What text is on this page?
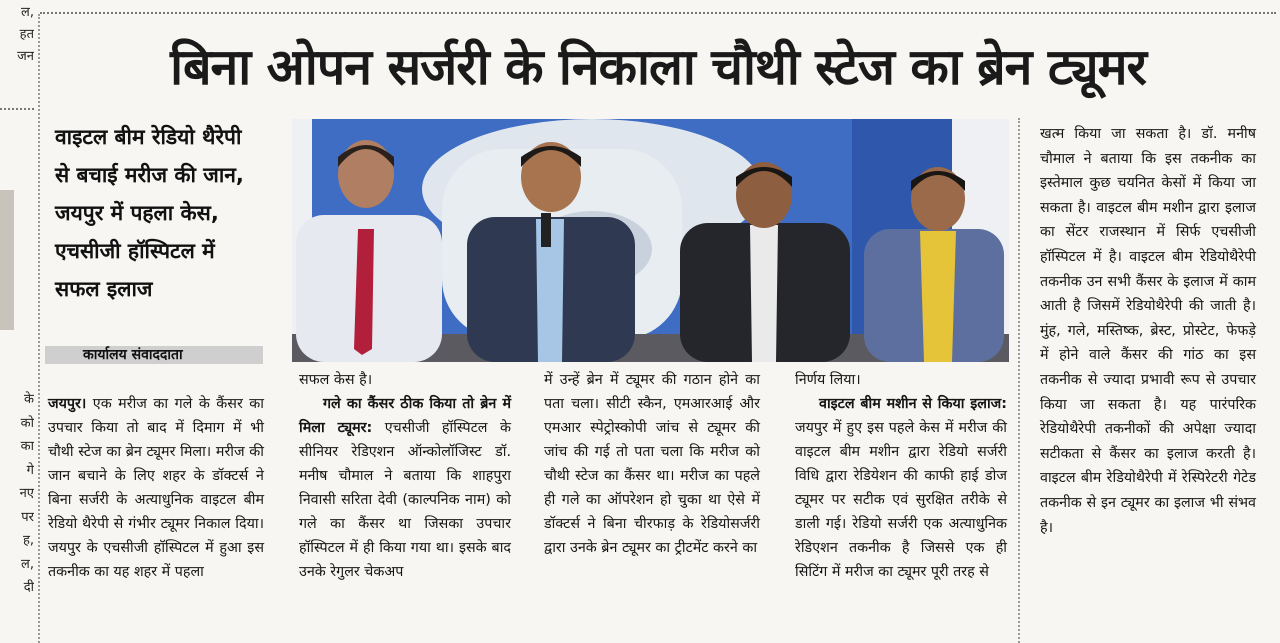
ल,
हत
जन
के
को
का
गे
नए
पर
ह,
ल,
दी
बिना ओपन सर्जरी के निकाला चौथी स्टेज का ब्रेन ट्यूमर
वाइटल बीम रेडियो थैरेपी से बचाई मरीज की जान, जयपुर में पहला केस, एचसीजी हॉस्पिटल में सफल इलाज
कार्यालय संवाददाता

जयपुर। एक मरीज का गले के कैंसर का उपचार किया तो बाद में दिमाग में भी चौथी स्टेज का ब्रेन ट्यूमर मिला। मरीज की जान बचाने के लिए शहर के डॉक्टर्स ने बिना सर्जरी के अत्याधुनिक वाइटल बीम रेडियो थैरेपी से गंभीर ट्यूमर निकाल दिया। जयपुर के एचसीजी हॉस्पिटल में हुआ इस तकनीक का यह शहर में पहला

सफल केस है।

गले का कैंसर ठीक किया तो ब्रेन में मिला ट्यूमर: एचसीजी हॉस्पिटल के सीनियर रेडिएशन ऑन्कोलॉजिस्ट डॉ. मनीष चौमाल ने बताया कि शाहपुरा निवासी सरिता देवी (काल्पनिक नाम) को गले का कैंसर था जिसका उपचार हॉस्पिटल में ही किया गया था। इसके बाद उनके रेगुलर चेकअप

में उन्हें ब्रेन में ट्यूमर की गठान होने का पता चला। सीटी स्कैन, एमआरआई और एमआर स्पेट्रोस्कोपी जांच से ट्यूमर की जांच की गई तो पता चला कि मरीज को चौथी स्टेज का कैंसर था। मरीज का पहले ही गले का ऑपरेशन हो चुका था ऐसे में डॉक्टर्स ने बिना चीरफाड़ के रेडियोसर्जरी द्वारा उनके ब्रेन ट्यूमर का ट्रीटमेंट करने का

निर्णय लिया।

वाइटल बीम मशीन से किया इलाज: जयपुर में हुए इस पहले केस में मरीज की वाइटल बीम मशीन द्वारा रेडियो सर्जरी विधि द्वारा रेडियेशन की काफी हाई डोज ट्यूमर पर सटीक एवं सुरक्षित तरीके से डाली गई। रेडियो सर्जरी एक अत्याधुनिक रेडिएशन तकनीक है जिससे एक ही सिटिंग में मरीज का ट्यूमर पूरी तरह से

खत्म किया जा सकता है। डॉ. मनीष चौमाल ने बताया कि इस तकनीक का इस्तेमाल कुछ चयनित केसों में किया जा सकता है। वाइटल बीम मशीन द्वारा इलाज का सेंटर राजस्थान में सिर्फ एचसीजी हॉस्पिटल में है। वाइटल बीम रेडियोथैरेपी तकनीक उन सभी कैंसर के इलाज में काम आती है जिसमें रेडियोथैरेपी की जाती है। मुंह, गले, मस्तिष्क, ब्रेस्ट, प्रोस्टेट, फेफड़े में होने वाले कैंसर की गांठ का इस तकनीक से ज्यादा प्रभावी रूप से उपचार किया जा सकता है। यह पारंपरिक रेडियोथैरेपी तकनीकों की अपेक्षा ज्यादा सटीकता से कैंसर का इलाज करती है। वाइटल बीम रेडियोथैरेपी में रेस्पिरेटरी गेटेड तकनीक से इन ट्यूमर का इलाज भी संभव है।
